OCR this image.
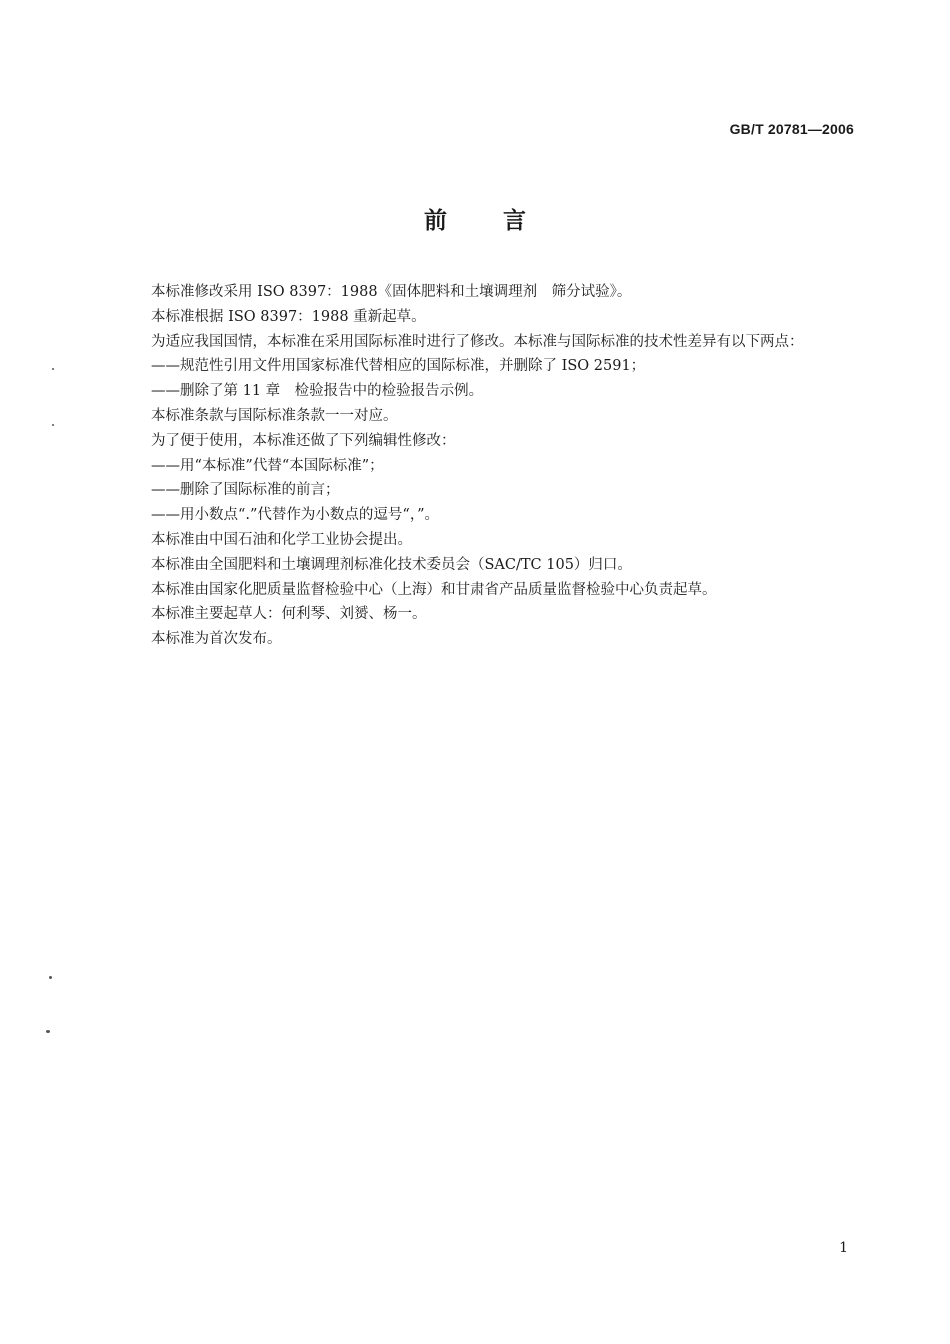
GB/T 20781—2006
前言

本标准修改采用 ISO 8397：1988《固体肥料和土壤调理剂　筛分试验》。

本标准根据 ISO 8397：1988 重新起草。

为适应我国国情，本标准在采用国际标准时进行了修改。本标准与国际标准的技术性差异有以下两点：

——规范性引用文件用国家标准代替相应的国际标准，并删除了 ISO 2591；

——删除了第 11 章　检验报告中的检验报告示例。

本标准条款与国际标准条款一一对应。

为了便于使用，本标准还做了下列编辑性修改：

——用“本标准”代替“本国际标准”；

——删除了国际标准的前言；

——用小数点“.”代替作为小数点的逗号“，”。

本标准由中国石油和化学工业协会提出。

本标准由全国肥料和土壤调理剂标准化技术委员会（SAC/TC 105）归口。

本标准由国家化肥质量监督检验中心（上海）和甘肃省产品质量监督检验中心负责起草。

本标准主要起草人：何利琴、刘赟、杨一。

本标准为首次发布。

1
